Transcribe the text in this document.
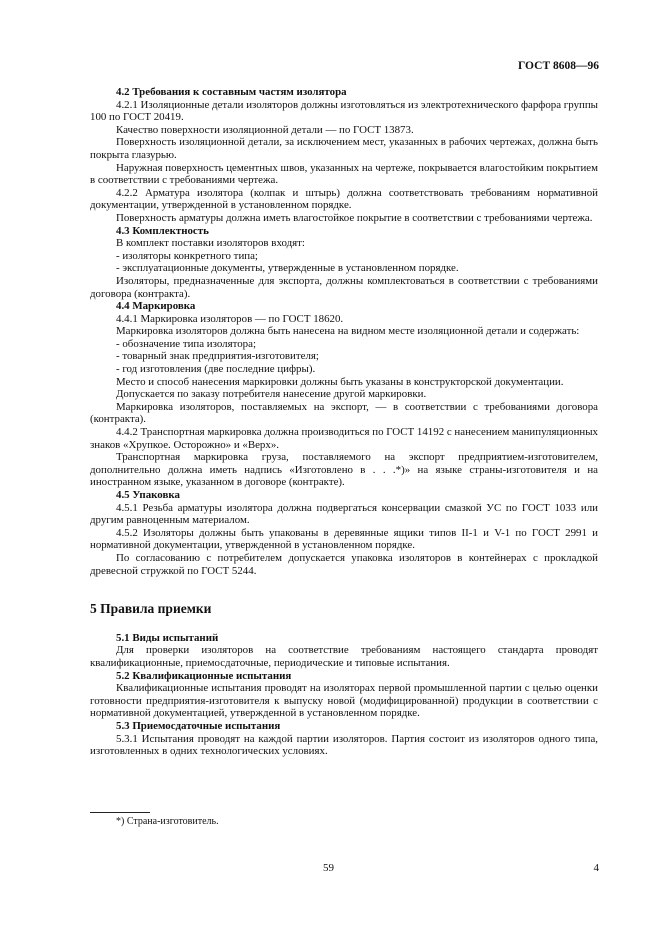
ГОСТ 8608—96

4.2 Требования к составным частям изолятора

4.2.1 Изоляционные детали изоляторов должны изготовляться из электротехнического фарфора группы 100 по ГОСТ 20419.

Качество поверхности изоляционной детали — по ГОСТ 13873.

Поверхность изоляционной детали, за исключением мест, указанных в рабочих чертежах, должна быть покрыта глазурью.

Наружная поверхность цементных швов, указанных на чертеже, покрывается влагостойким покрытием в соответствии с требованиями чертежа.

4.2.2 Арматура изолятора (колпак и штырь) должна соответствовать требованиям нормативной документации, утвержденной в установленном порядке.

Поверхность арматуры должна иметь влагостойкое покрытие в соответствии с требованиями чертежа.

4.3 Комплектность

В комплект поставки изоляторов входят:

- изоляторы конкретного типа;

- эксплуатационные документы, утвержденные в установленном порядке.

Изоляторы, предназначенные для экспорта, должны комплектоваться в соответствии с требованиями договора (контракта).

4.4 Маркировка

4.4.1 Маркировка изоляторов — по ГОСТ 18620.

Маркировка изоляторов должна быть нанесена на видном месте изоляционной детали и содержать:

- обозначение типа изолятора;

- товарный знак предприятия-изготовителя;

- год изготовления (две последние цифры).

Место и способ нанесения маркировки должны быть указаны в конструкторской документации.

Допускается по заказу потребителя нанесение другой маркировки.

Маркировка изоляторов, поставляемых на экспорт, — в соответствии с требованиями договора (контракта).

4.4.2 Транспортная маркировка должна производиться по ГОСТ 14192 с нанесением манипуляционных знаков «Хрупкое. Осторожно» и «Верх».

Транспортная маркировка груза, поставляемого на экспорт предприятием-изготовителем, дополнительно должна иметь надпись «Изготовлено в . . .*)» на языке страны-изготовителя и на иностранном языке, указанном в договоре (контракте).

4.5 Упаковка

4.5.1 Резьба арматуры изолятора должна подвергаться консервации смазкой УС по ГОСТ 1033 или другим равноценным материалом.

4.5.2 Изоляторы должны быть упакованы в деревянные ящики типов II-1 и V-1 по ГОСТ 2991 и нормативной документации, утвержденной в установленном порядке.

По согласованию с потребителем допускается упаковка изоляторов в контейнерах с прокладкой древесной стружкой по ГОСТ 5244.

5 Правила приемки

5.1 Виды испытаний

Для проверки изоляторов на соответствие требованиям настоящего стандарта проводят квалификационные, приемосдаточные, периодические и типовые испытания.

5.2 Квалификационные испытания

Квалификационные испытания проводят на изоляторах первой промышленной партии с целью оценки готовности предприятия-изготовителя к выпуску новой (модифицированной) продукции в соответствии с нормативной документацией, утвержденной в установленном порядке.

5.3 Приемосдаточные испытания

5.3.1 Испытания проводят на каждой партии изоляторов. Партия состоит из изоляторов одного типа, изготовленных в одних технологических условиях.

*) Страна-изготовитель.
59	4
